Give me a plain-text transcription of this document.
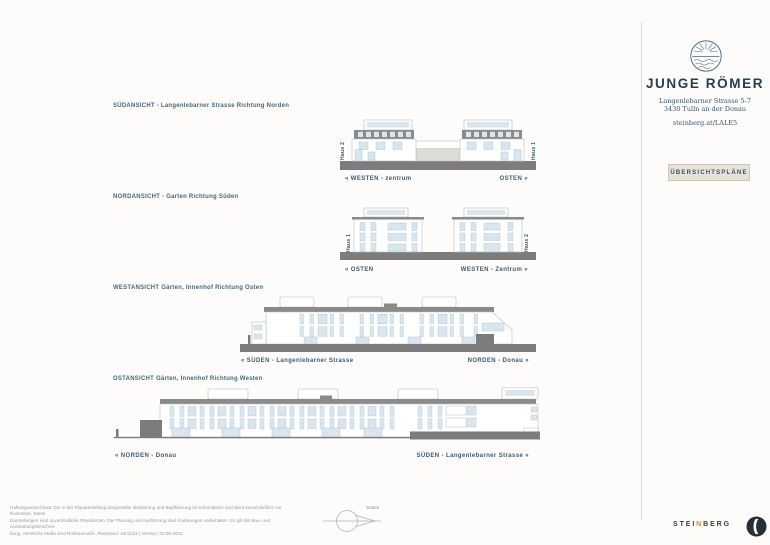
SÜDANSICHT - Langenlebarner Strasse Richtung Norden
Haus 2	Haus 1
« WESTEN - zentrum	OSTEN »
NORDANSICHT - Garten Richtung Süden
Haus 1	Haus 2
« OSTEN	WESTEN - Zentrum »
WESTANSICHT Gärten, Innenhof Richtung Osten
« SÜDEN - Langenlebarner Strasse	NORDEN - Donau »
OSTANSICHT Gärten, Innenhof Richtung Westen
« NORDEN - Donau	SÜDEN - Langenlebarner Strasse »
JUNGE RÖMER
Langenlebarner Strasse 5-7
3430 Tulln an der Donau
steinberg.at/LALE5
ÜBERSICHTSPLÄNE
Haftungsausschluss: Die in der Plandarstellung dargestellte Möblierung und Bepflanzung ist schematisch und dient ausschließlich zur Illustration. Diese
Darstellungen sind unverbindliche Planskizzen. Der Planung und Ausführung sind Änderungen vorbehalten. Es gilt die Bau- und Ausstattungsbeschrei-
bung. Sämtliche Maße sind Rohbaumaße. Planstand: 18/11/24 | Version: 03.09.2023
Süden
STEINBERG
